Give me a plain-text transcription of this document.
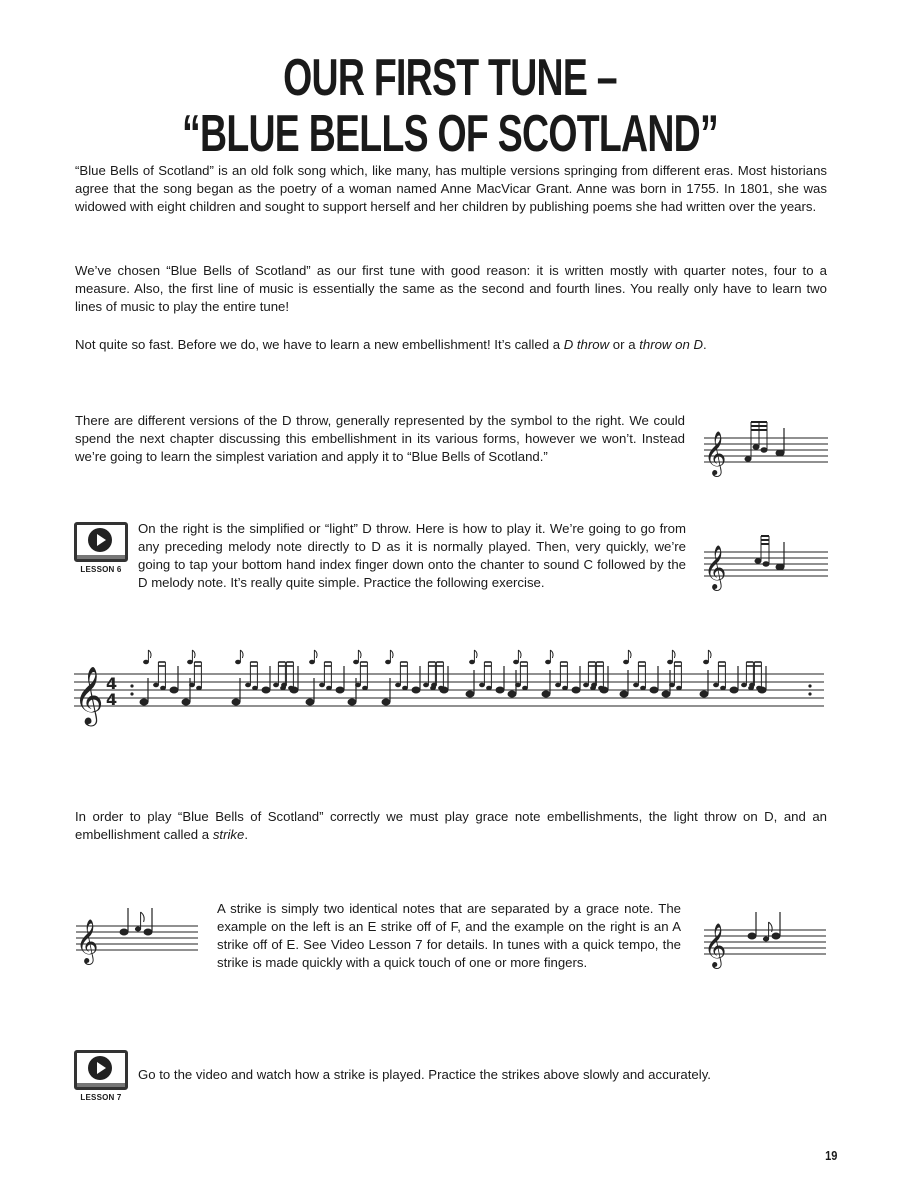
OUR FIRST TUNE –
“BLUE BELLS OF SCOTLAND”
“Blue Bells of Scotland” is an old folk song which, like many, has multiple versions springing from different eras. Most historians agree that the song began as the poetry of a woman named Anne MacVicar Grant. Anne was born in 1755. In 1801, she was widowed with eight children and sought to support herself and her children by publishing poems she had written over the years.
We’ve chosen “Blue Bells of Scotland” as our first tune with good reason: it is written mostly with quarter notes, four to a measure. Also, the first line of music is essentially the same as the second and fourth lines. You really only have to learn two lines of music to play the entire tune!
Not quite so fast. Before we do, we have to learn a new embellishment! It’s called a D throw or a throw on D.
There are different versions of the D throw, generally represented by the symbol to the right. We could spend the next chapter discussing this embellishment in its various forms, however we won’t. Instead we’re going to learn the simplest variation and apply it to “Blue Bells of Scotland.”	𝄞
LESSON 6
On the right is the simplified or “light” D throw. Here is how to play it. We’re going to go from any preceding melody note directly to D as it is normally played. Then, very quickly, we’re going to tap your bottom hand index finger down onto the chanter to sound C followed by the D melody note. It’s really quite simple. Practice the following exercise.	𝄞
𝄞 4
4
In order to play “Blue Bells of Scotland” correctly we must play grace note embellishments, the light throw on D, and an embellishment called a strike.
𝄞
A strike is simply two identical notes that are separated by a grace note. The example on the left is an E strike off of F, and the example on the right is an A strike off of E. See Video Lesson 7 for details. In tunes with a quick tempo, the strike is made quickly with a quick touch of one or more fingers.	𝄞
LESSON 7
Go to the video and watch how a strike is played. Practice the strikes above slowly and accurately.
19
